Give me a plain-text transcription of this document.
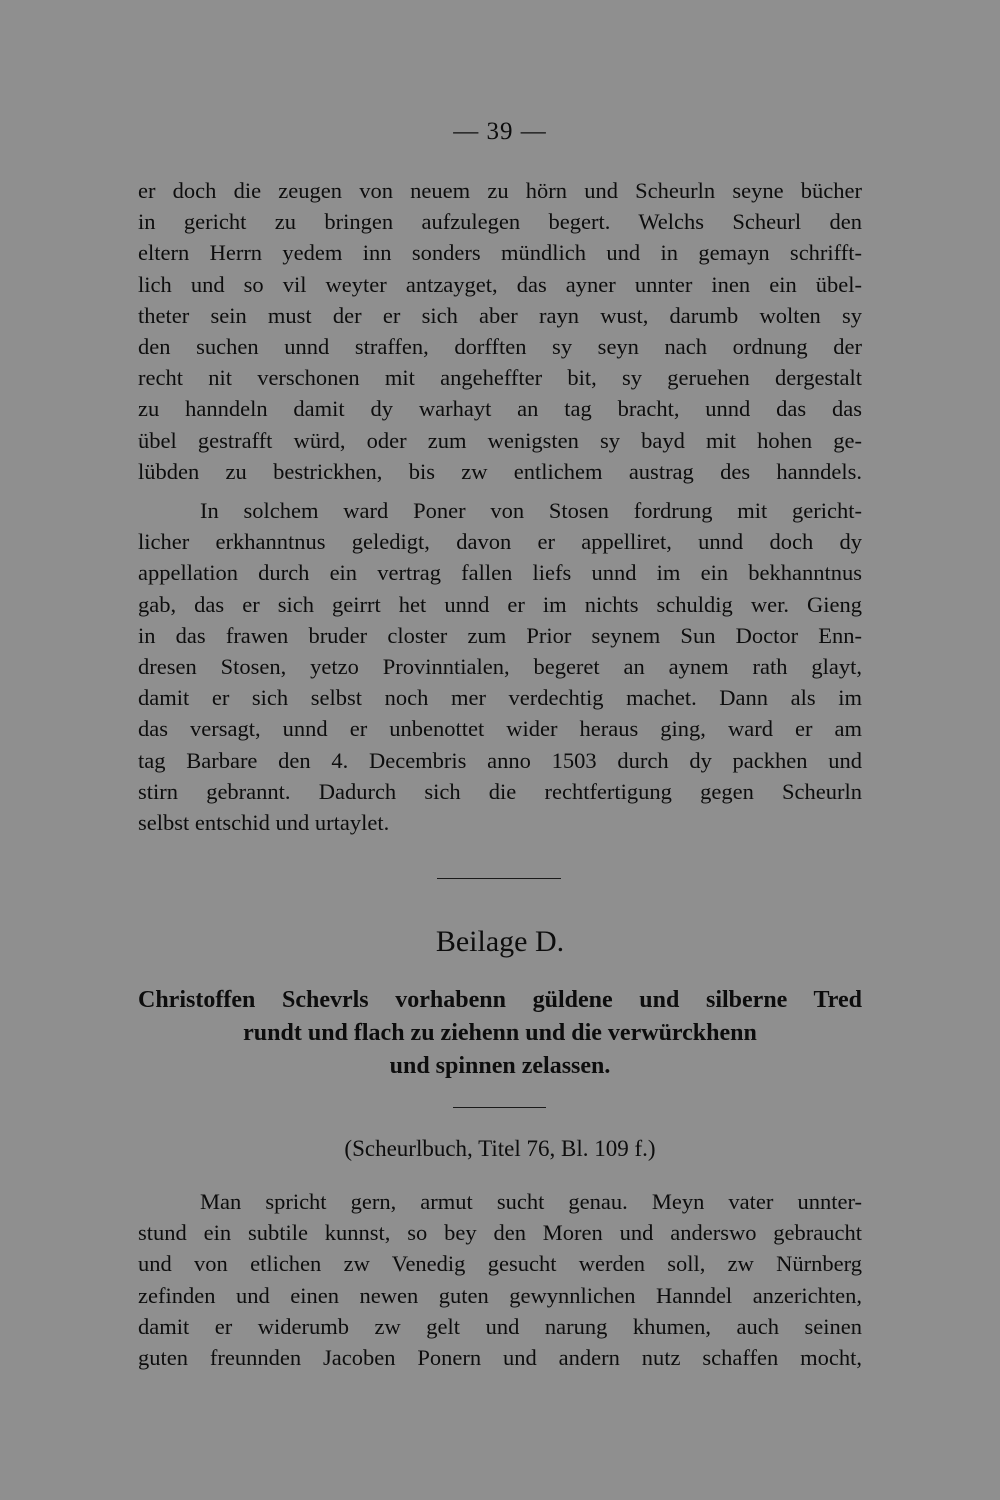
— 39 —
er doch die zeugen von neuem zu hörn und Scheurln seyne bücher
in gericht zu bringen aufzulegen begert. Welchs Scheurl den
eltern Herrn yedem inn sonders mündlich und in gemayn schrifft-
lich und so vil weyter antzayget, das ayner unnter inen ein übel-
theter sein must der er sich aber rayn wust, darumb wolten sy
den suchen unnd straffen, dorfften sy seyn nach ordnung der
recht nit verschonen mit angehеffter bit, sy geruehen dergestalt
zu hanndeln damit dy warhayt an tag bracht, unnd das das
übel gestrafft würd, oder zum wenigsten sy bayd mit hohen ge-
lübden zu bestrickhen, bis zw entlichem austrag des hanndels.
In solchem ward Poner von Stosen fordrung mit gericht-
licher erkhanntnus geledigt, davon er appelliret, unnd doch dy
appellation durch ein vertrag fallen liefs unnd im ein bekhanntnus
gab, das er sich geirrt het unnd er im nichts schuldig wer. Gieng
in das frawen bruder closter zum Prior seynem Sun Doctor Enn-
dresen Stosen, yetzo Provinntialen, begeret an aynem rath glayt,
damit er sich selbst noch mer verdechtig machet. Dann als im
das versagt, unnd er unbenottet wider heraus ging, ward er am
tag Barbare den 4. Decembris anno 1503 durch dy packhen und
stirn gebrannt. Dadurch sich die rechtfertigung gegen Scheurln
selbst entschid und urtaylet.
Beilage D.
Christoffen Schevrls vorhabenn güldene und silberne Tred
rundt und flach zu ziehenn und die verwürckhenn
und spinnen zelassen.
(Scheurlbuch, Titel 76, Bl. 109 f.)
Man spricht gern, armut sucht genau. Meyn vater unnter-
stund ein subtile kunnst, so bey den Moren und anderswo gebraucht
und von etlichen zw Venedig gesucht werden soll, zw Nürnberg
zefinden und einen newen guten gewynnlichen Hanndel anzerichten,
damit er widerumb zw gelt und narung khumen, auch seinen
guten freunnden Jacoben Ponern und andern nutz schaffen mocht,
